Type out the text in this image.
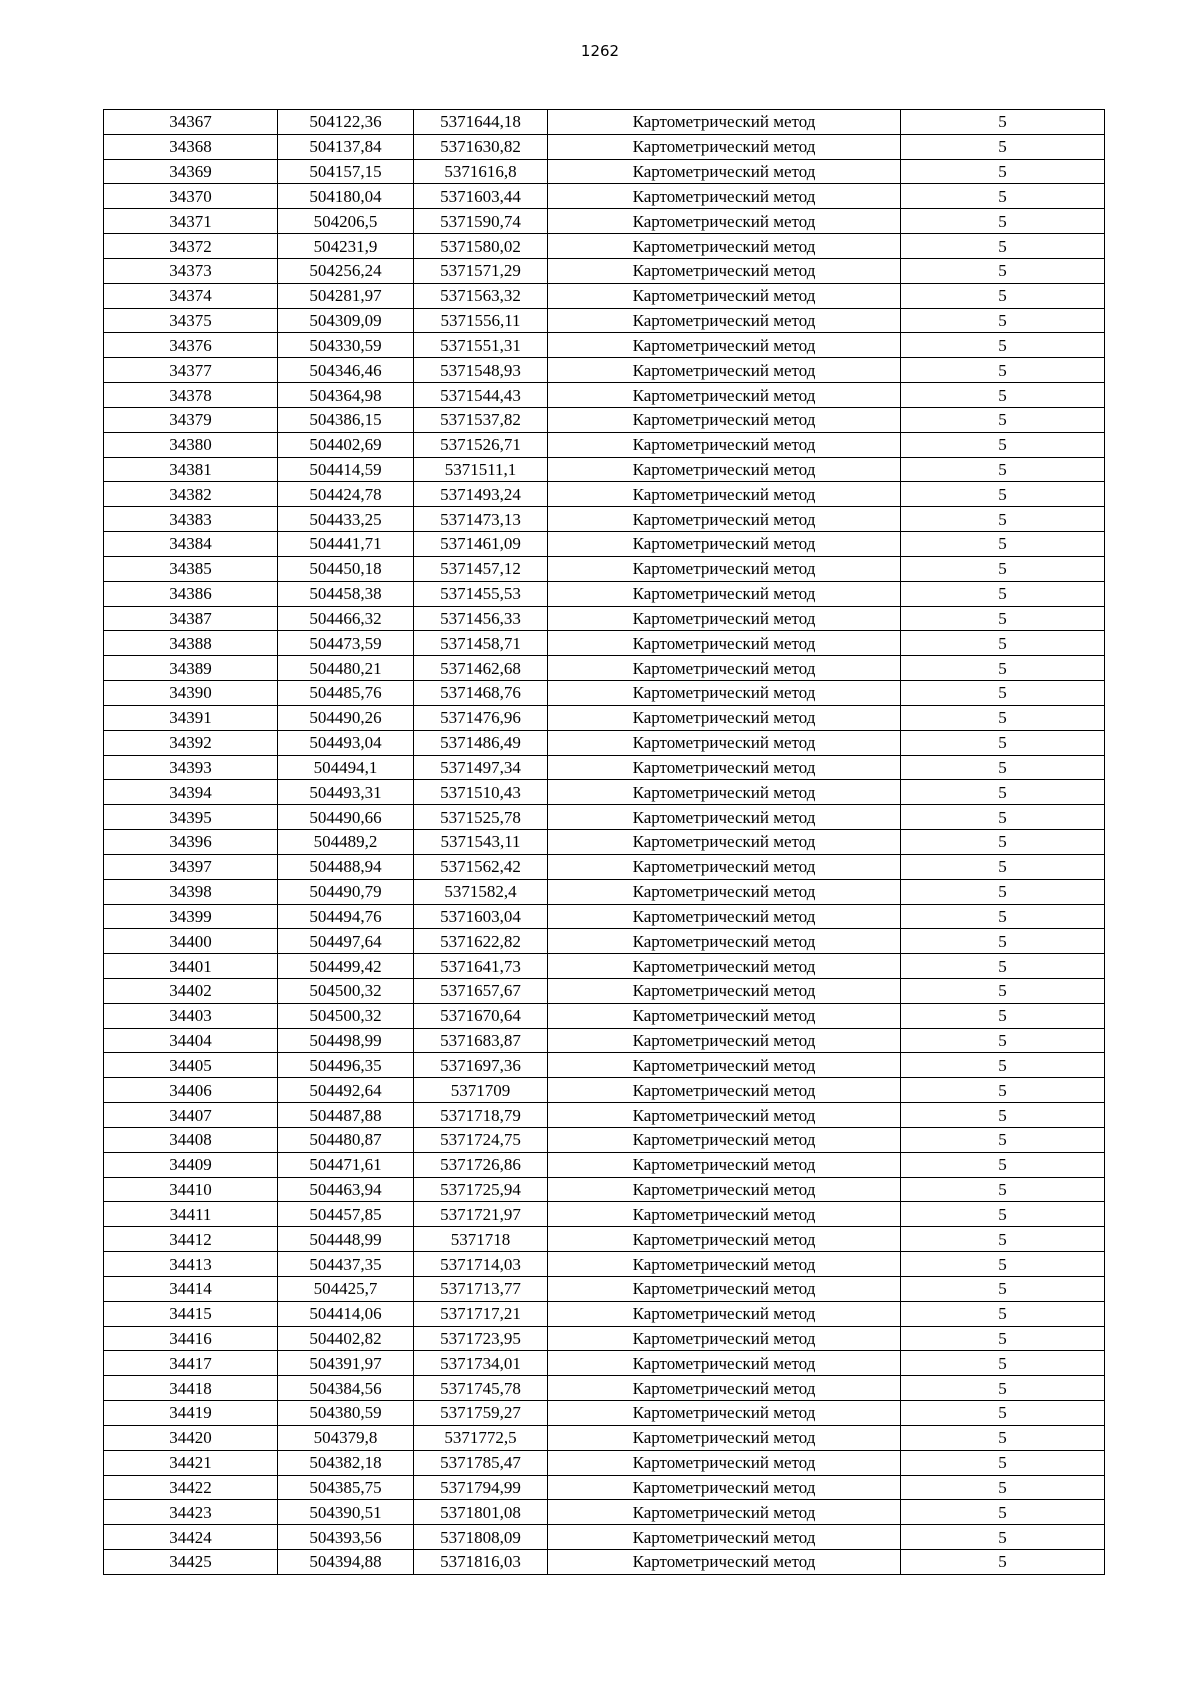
1262
34367	504122,36	5371644,18	Картометрический метод	5
34368	504137,84	5371630,82	Картометрический метод	5
34369	504157,15	5371616,8	Картометрический метод	5
34370	504180,04	5371603,44	Картометрический метод	5
34371	504206,5	5371590,74	Картометрический метод	5
34372	504231,9	5371580,02	Картометрический метод	5
34373	504256,24	5371571,29	Картометрический метод	5
34374	504281,97	5371563,32	Картометрический метод	5
34375	504309,09	5371556,11	Картометрический метод	5
34376	504330,59	5371551,31	Картометрический метод	5
34377	504346,46	5371548,93	Картометрический метод	5
34378	504364,98	5371544,43	Картометрический метод	5
34379	504386,15	5371537,82	Картометрический метод	5
34380	504402,69	5371526,71	Картометрический метод	5
34381	504414,59	5371511,1	Картометрический метод	5
34382	504424,78	5371493,24	Картометрический метод	5
34383	504433,25	5371473,13	Картометрический метод	5
34384	504441,71	5371461,09	Картометрический метод	5
34385	504450,18	5371457,12	Картометрический метод	5
34386	504458,38	5371455,53	Картометрический метод	5
34387	504466,32	5371456,33	Картометрический метод	5
34388	504473,59	5371458,71	Картометрический метод	5
34389	504480,21	5371462,68	Картометрический метод	5
34390	504485,76	5371468,76	Картометрический метод	5
34391	504490,26	5371476,96	Картометрический метод	5
34392	504493,04	5371486,49	Картометрический метод	5
34393	504494,1	5371497,34	Картометрический метод	5
34394	504493,31	5371510,43	Картометрический метод	5
34395	504490,66	5371525,78	Картометрический метод	5
34396	504489,2	5371543,11	Картометрический метод	5
34397	504488,94	5371562,42	Картометрический метод	5
34398	504490,79	5371582,4	Картометрический метод	5
34399	504494,76	5371603,04	Картометрический метод	5
34400	504497,64	5371622,82	Картометрический метод	5
34401	504499,42	5371641,73	Картометрический метод	5
34402	504500,32	5371657,67	Картометрический метод	5
34403	504500,32	5371670,64	Картометрический метод	5
34404	504498,99	5371683,87	Картометрический метод	5
34405	504496,35	5371697,36	Картометрический метод	5
34406	504492,64	5371709	Картометрический метод	5
34407	504487,88	5371718,79	Картометрический метод	5
34408	504480,87	5371724,75	Картометрический метод	5
34409	504471,61	5371726,86	Картометрический метод	5
34410	504463,94	5371725,94	Картометрический метод	5
34411	504457,85	5371721,97	Картометрический метод	5
34412	504448,99	5371718	Картометрический метод	5
34413	504437,35	5371714,03	Картометрический метод	5
34414	504425,7	5371713,77	Картометрический метод	5
34415	504414,06	5371717,21	Картометрический метод	5
34416	504402,82	5371723,95	Картометрический метод	5
34417	504391,97	5371734,01	Картометрический метод	5
34418	504384,56	5371745,78	Картометрический метод	5
34419	504380,59	5371759,27	Картометрический метод	5
34420	504379,8	5371772,5	Картометрический метод	5
34421	504382,18	5371785,47	Картометрический метод	5
34422	504385,75	5371794,99	Картометрический метод	5
34423	504390,51	5371801,08	Картометрический метод	5
34424	504393,56	5371808,09	Картометрический метод	5
34425	504394,88	5371816,03	Картометрический метод	5
